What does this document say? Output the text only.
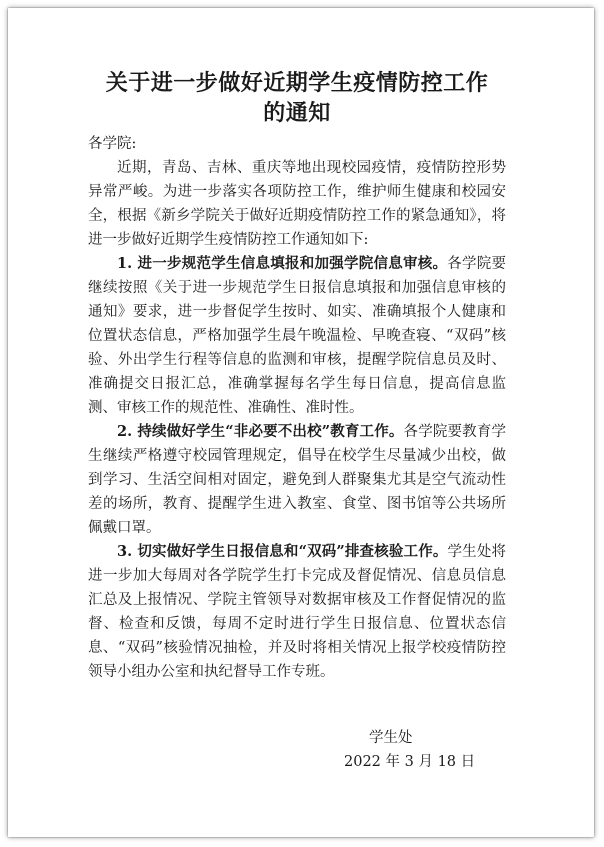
关于进一步做好近期学生疫情防控工作
的通知

各学院:

近期，青岛、吉林、重庆等地出现校园疫情，疫情防控形势异常严峻。为进一步落实各项防控工作，维护师生健康和校园安全，根据《新乡学院关于做好近期疫情防控工作的紧急通知》，将进一步做好近期学生疫情防控工作通知如下:

1. 进一步规范学生信息填报和加强学院信息审核。各学院要继续按照《关于进一步规范学生日报信息填报和加强信息审核的通知》要求，进一步督促学生按时、如实、准确填报个人健康和位置状态信息，严格加强学生晨午晚温检、早晚查寝、“双码”核验、外出学生行程等信息的监测和审核，提醒学院信息员及时、准确提交日报汇总，准确掌握每名学生每日信息，提高信息监测、审核工作的规范性、准确性、准时性。

2. 持续做好学生“非必要不出校”教育工作。各学院要教育学生继续严格遵守校园管理规定，倡导在校学生尽量减少出校，做到学习、生活空间相对固定，避免到人群聚集尤其是空气流动性差的场所，教育、提醒学生进入教室、食堂、图书馆等公共场所佩戴口罩。

3. 切实做好学生日报信息和“双码”排查核验工作。学生处将进一步加大每周对各学院学生打卡完成及督促情况、信息员信息汇总及上报情况、学院主管领导对数据审核及工作督促情况的监督、检查和反馈，每周不定时进行学生日报信息、位置状态信息、“双码”核验情况抽检，并及时将相关情况上报学校疫情防控领导小组办公室和执纪督导工作专班。

学生处
2022 年 3 月 18 日
